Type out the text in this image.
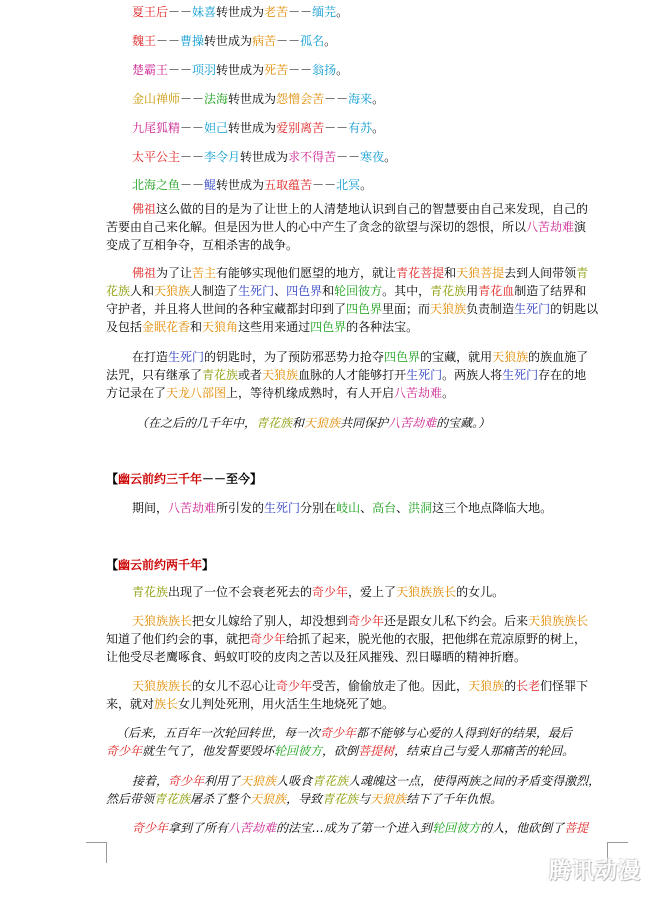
夏王后－－妹喜转世成为老苦－－缅芫。
魏王－－曹操转世成为病苦－－孤名。
楚霸王－－项羽转世成为死苦－－翁扬。
金山禅师－－法海转世成为怨憎会苦－－海来。
九尾狐精－－妲己转世成为爱别离苦－－有苏。
太平公主－－李令月转世成为求不得苦－－寒夜。
北海之鱼－－鲲转世成为五取蕴苦－－北冥。
佛祖这么做的目的是为了让世上的人清楚地认识到自己的智慧要由自己来发现，自己的
苦要由自己来化解。但是因为世人的心中产生了贪念的欲望与深切的怨恨，所以八苦劫难演
变成了互相争夺，互相杀害的战争。
佛祖为了让苦主有能够实现他们愿望的地方，就让青花菩提和天狼菩提去到人间带领青
花族人和天狼族人制造了生死门、四色界和轮回彼方。其中，青花族用青花血制造了结界和
守护者，并且将人世间的各种宝藏都封印到了四色界里面；而天狼族负责制造生死门的钥匙以
及包括金眠花香和天狼角这些用来通过四色界的各种法宝。
在打造生死门的钥匙时，为了预防邪恶势力抢夺四色界的宝藏，就用天狼族的族血施了
法咒，只有继承了青花族或者天狼族血脉的人才能够打开生死门。两族人将生死门存在的地
方记录在了天龙八部图上，等待机缘成熟时，有人开启八苦劫难。
（在之后的几千年中，青花族和天狼族共同保护八苦劫难的宝藏。）
【幽云前约三千年－－至今】
期间，八苦劫难所引发的生死门分别在岐山、高台、洪洞这三个地点降临大地。
【幽云前约两千年】
青花族出现了一位不会衰老死去的奇少年，爱上了天狼族族长的女儿。
天狼族族长把女儿嫁给了别人，却没想到奇少年还是跟女儿私下约会。后来天狼族族长
知道了他们约会的事，就把奇少年给抓了起来，脱光他的衣服，把他绑在荒凉原野的树上，
让他受尽老鹰啄食、蚂蚁叮咬的皮肉之苦以及狂风摧残、烈日曝晒的精神折磨。
天狼族族长的女儿不忍心让奇少年受苦，偷偷放走了他。因此，天狼族的长老们怪罪下
来，就对族长女儿判处死刑，用火活生生地烧死了她。
（后来，五百年一次轮回转世，每一次奇少年都不能够与心爱的人得到好的结果，最后
奇少年就生气了，他发誓要毁坏轮回彼方，砍倒菩提树，结束自己与爱人那痛苦的轮回。
接着，奇少年利用了天狼族人吸食青花族人魂魄这一点，使得两族之间的矛盾变得激烈，
然后带领青花族屠杀了整个天狼族，导致青花族与天狼族结下了千年仇恨。
奇少年拿到了所有八苦劫难的法宝…成为了第一个进入到轮回彼方的人，他砍倒了菩提
腾讯动漫
